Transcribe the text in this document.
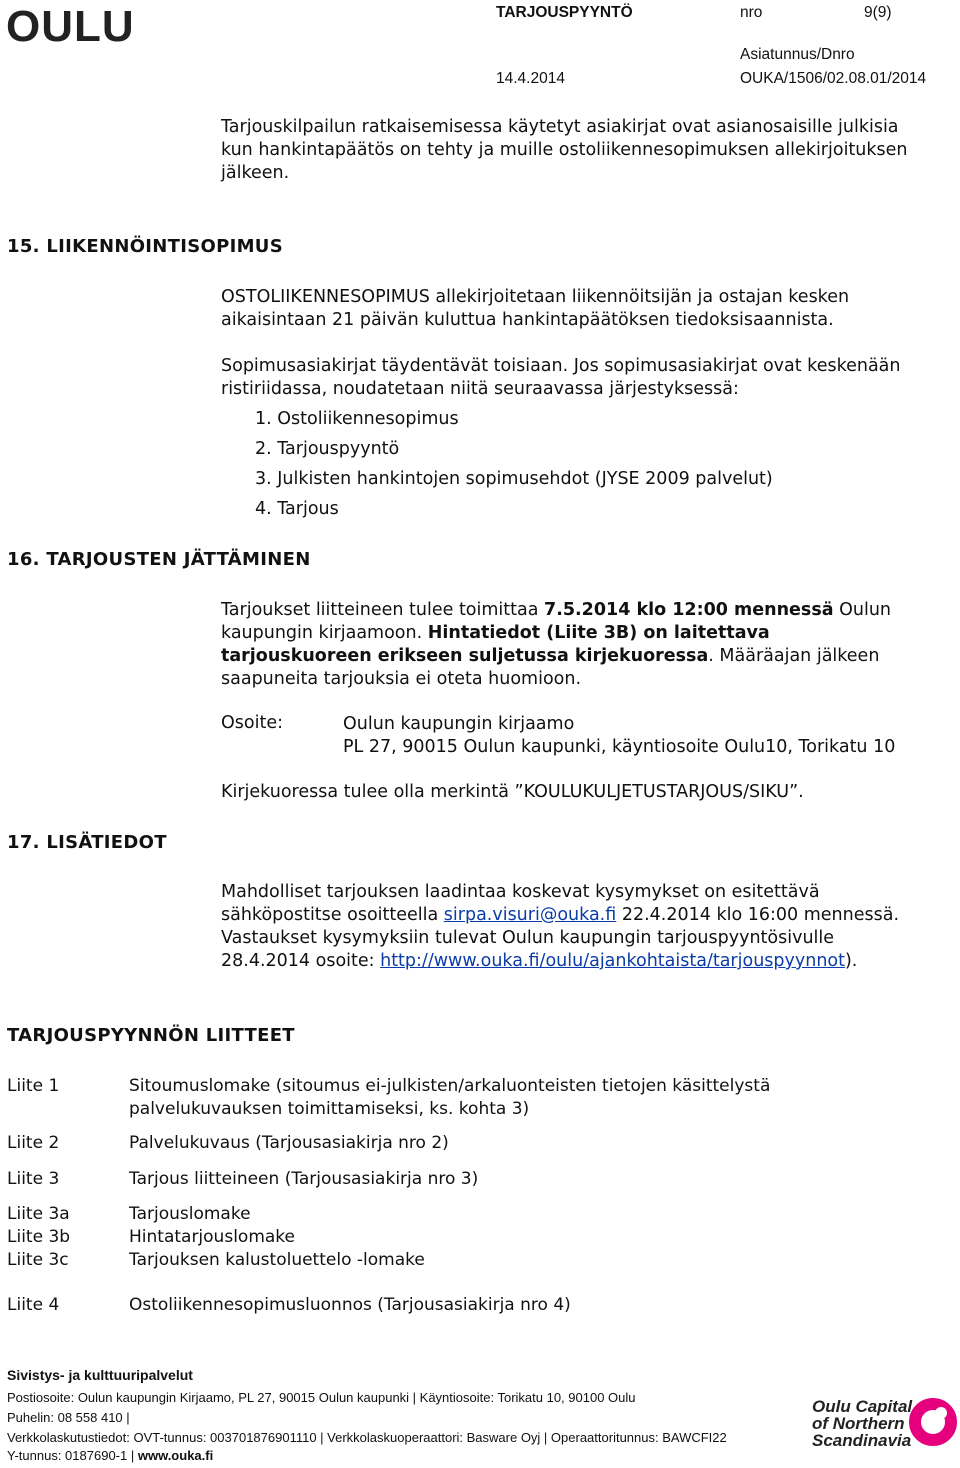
OULU	TARJOUSPYYNTÖ	nro	9(9)
Asiatunnus/Dnro
14.4.2014	OUKA/1506/02.08.01/2014
Tarjouskilpailun ratkaisemisessa käytetyt asiakirjat ovat asianosaisille julkisia
kun hankintapäätös on tehty ja muille ostoliikennesopimuksen allekirjoituksen
jälkeen.
15. LIIKENNÖINTISOPIMUS
OSTOLIIKENNESOPIMUS allekirjoitetaan liikennöitsijän ja ostajan kesken
aikaisintaan 21 päivän kuluttua hankintapäätöksen tiedoksisaannista.
Sopimusasiakirjat täydentävät toisiaan. Jos sopimusasiakirjat ovat keskenään
ristiriidassa, noudatetaan niitä seuraavassa järjestyksessä:
1. Ostoliikennesopimus
2. Tarjouspyyntö
3. Julkisten hankintojen sopimusehdot (JYSE 2009 palvelut)
4. Tarjous
16. TARJOUSTEN JÄTTÄMINEN
Tarjoukset liitteineen tulee toimittaa 7.5.2014 klo 12:00 mennessä Oulun
kaupungin kirjaamoon. Hintatiedot (Liite 3B) on laitettava
tarjouskuoreen erikseen suljetussa kirjekuoressa. Määräajan jälkeen
saapuneita tarjouksia ei oteta huomioon.
Osoite:	Oulun kaupungin kirjaamo
PL 27, 90015 Oulun kaupunki, käyntiosoite Oulu10, Torikatu 10
Kirjekuoressa tulee olla merkintä ”KOULUKULJETUSTARJOUS/SIKU”.
17. LISÄTIEDOT
Mahdolliset tarjouksen laadintaa koskevat kysymykset on esitettävä
sähköpostitse osoitteella sirpa.visuri@ouka.fi 22.4.2014 klo 16:00 mennessä.
Vastaukset kysymyksiin tulevat Oulun kaupungin tarjouspyyntösivulle
28.4.2014 osoite: http://www.ouka.fi/oulu/ajankohtaista/tarjouspyynnot).
TARJOUSPYYNNÖN LIITTEET
Liite 1	Sitoumuslomake (sitoumus ei-julkisten/arkaluonteisten tietojen käsittelystä
palvelukuvauksen toimittamiseksi, ks. kohta 3)
Liite 2	Palvelukuvaus (Tarjousasiakirja nro 2)
Liite 3	Tarjous liitteineen (Tarjousasiakirja nro 3)
Liite 3a	Tarjouslomake
Liite 3b	Hintatarjouslomake
Liite 3c	Tarjouksen kalustoluettelo -lomake
Liite 4	Ostoliikennesopimusluonnos (Tarjousasiakirja nro 4)
Sivistys- ja kulttuuripalvelut
Postiosoite: Oulun kaupungin Kirjaamo, PL 27, 90015 Oulun kaupunki | Käyntiosoite: Torikatu 10, 90100 Oulu
Puhelin: 08 558 410 |
Verkkolaskutustiedot: OVT-tunnus: 003701876901110 | Verkkolaskuoperaattori: Basware Oyj | Operaattoritunnus: BAWCFI22
Y-tunnus: 0187690-1 | www.ouka.fi
Oulu Capital
of Northern
Scandinavia
